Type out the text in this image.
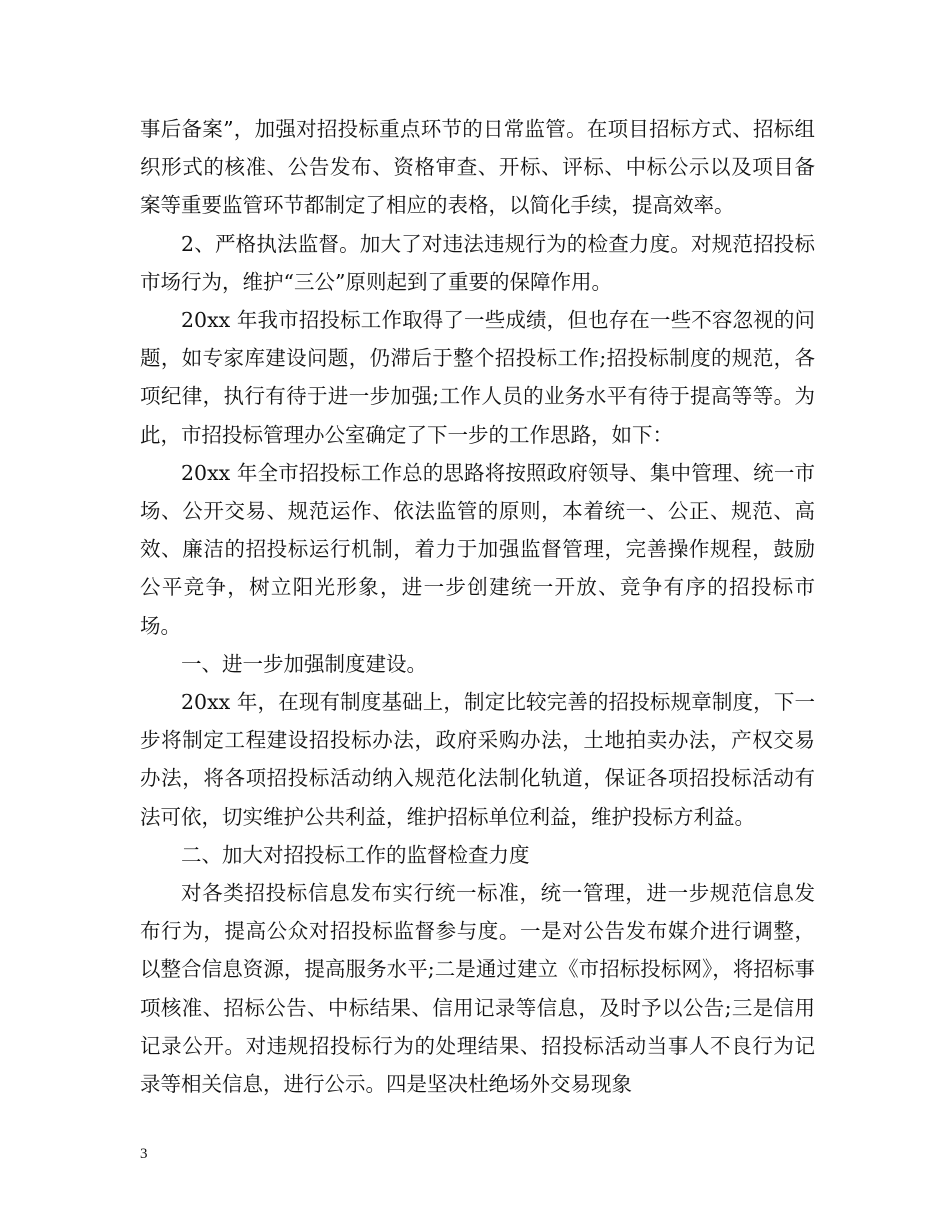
事后备案”，加强对招投标重点环节的日常监管。在项目招标方式、招标组织形式的核准、公告发布、资格审查、开标、评标、中标公示以及项目备案等重要监管环节都制定了相应的表格，以简化手续，提高效率。

2、严格执法监督。加大了对违法违规行为的检查力度。对规范招投标市场行为，维护“三公”原则起到了重要的保障作用。

20xx 年我市招投标工作取得了一些成绩，但也存在一些不容忽视的问题，如专家库建设问题，仍滞后于整个招投标工作;招投标制度的规范，各项纪律，执行有待于进一步加强;工作人员的业务水平有待于提高等等。为此，市招投标管理办公室确定了下一步的工作思路，如下：

20xx 年全市招投标工作总的思路将按照政府领导、集中管理、统一市场、公开交易、规范运作、依法监管的原则，本着统一、公正、规范、高效、廉洁的招投标运行机制，着力于加强监督管理，完善操作规程，鼓励公平竞争，树立阳光形象，进一步创建统一开放、竞争有序的招投标市场。

一、进一步加强制度建设。

20xx 年，在现有制度基础上，制定比较完善的招投标规章制度，下一步将制定工程建设招投标办法，政府采购办法，土地拍卖办法，产权交易办法，将各项招投标活动纳入规范化法制化轨道，保证各项招投标活动有法可依，切实维护公共利益，维护招标单位利益，维护投标方利益。

二、加大对招投标工作的监督检查力度

对各类招投标信息发布实行统一标准，统一管理，进一步规范信息发布行为，提高公众对招投标监督参与度。一是对公告发布媒介进行调整，以整合信息资源，提高服务水平;二是通过建立《市招标投标网》，将招标事项核准、招标公告、中标结果、信用记录等信息，及时予以公告;三是信用记录公开。对违规招投标行为的处理结果、招投标活动当事人不良行为记录等相关信息，进行公示。四是坚决杜绝场外交易现象

3
